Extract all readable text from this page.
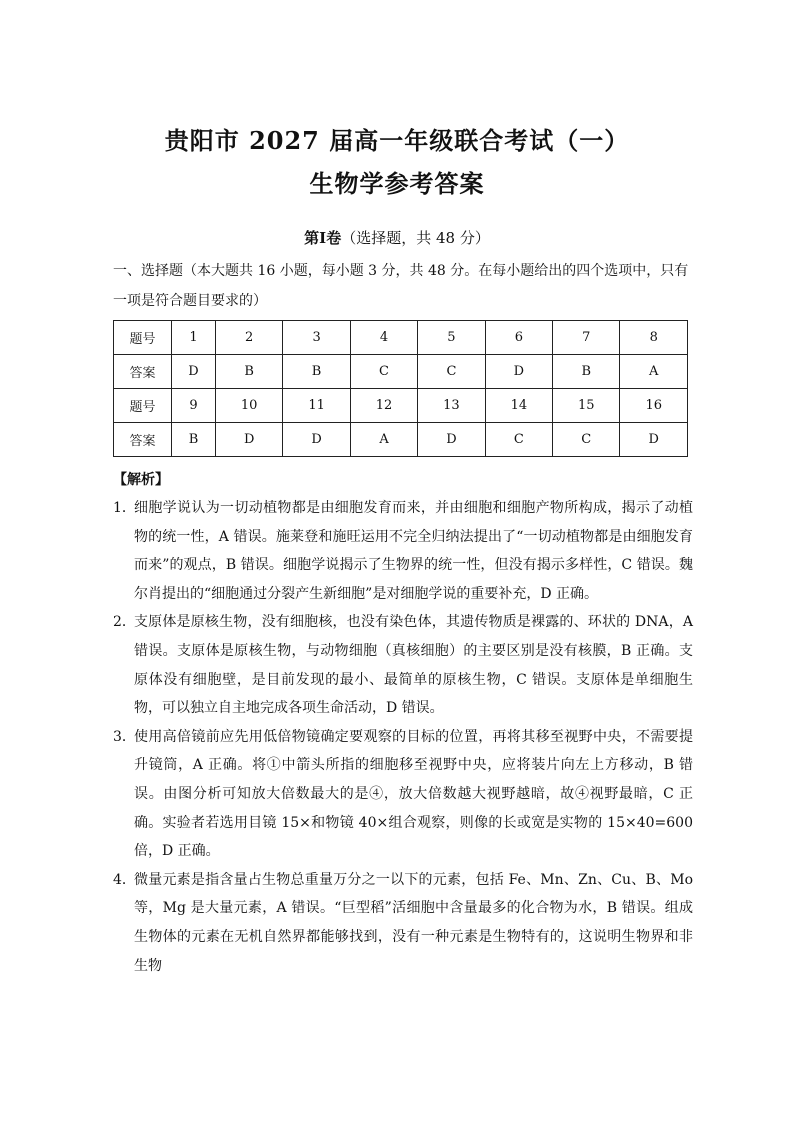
贵阳市 2027 届高一年级联合考试（一）
生物学参考答案
第Ⅰ卷（选择题，共 48 分）
一、选择题（本大题共 16 小题，每小题 3 分，共 48 分。在每小题给出的四个选项中，只有一项是符合题目要求的）
题号	1	2	3	4	5	6	7	8
答案	D	B	B	C	C	D	B	A
题号	9	10	11	12	13	14	15	16
答案	B	D	D	A	D	C	C	D
【解析】
1．
细胞学说认为一切动植物都是由细胞发育而来，并由细胞和细胞产物所构成，揭示了动植物的统一性，A 错误。施莱登和施旺运用不完全归纳法提出了“一切动植物都是由细胞发育而来”的观点，B 错误。细胞学说揭示了生物界的统一性，但没有揭示多样性，C 错误。魏尔肖提出的“细胞通过分裂产生新细胞”是对细胞学说的重要补充，D 正确。
2．
支原体是原核生物，没有细胞核，也没有染色体，其遗传物质是裸露的、环状的 DNA，A 错误。支原体是原核生物，与动物细胞（真核细胞）的主要区别是没有核膜，B 正确。支原体没有细胞壁，是目前发现的最小、最简单的原核生物，C 错误。支原体是单细胞生物，可以独立自主地完成各项生命活动，D 错误。
3．
使用高倍镜前应先用低倍物镜确定要观察的目标的位置，再将其移至视野中央，不需要提升镜筒，A 正确。将①中箭头所指的细胞移至视野中央，应将装片向左上方移动，B 错误。由图分析可知放大倍数最大的是④，放大倍数越大视野越暗，故④视野最暗，C 正确。实验者若选用目镜 15×和物镜 40×组合观察，则像的长或宽是实物的 15×40=600 倍，D 正确。
4．
微量元素是指含量占生物总重量万分之一以下的元素，包括 Fe、Mn、Zn、Cu、B、Mo 等，Mg 是大量元素，A 错误。“巨型稻”活细胞中含量最多的化合物为水，B 错误。组成生物体的元素在无机自然界都能够找到，没有一种元素是生物特有的，这说明生物界和非生物
